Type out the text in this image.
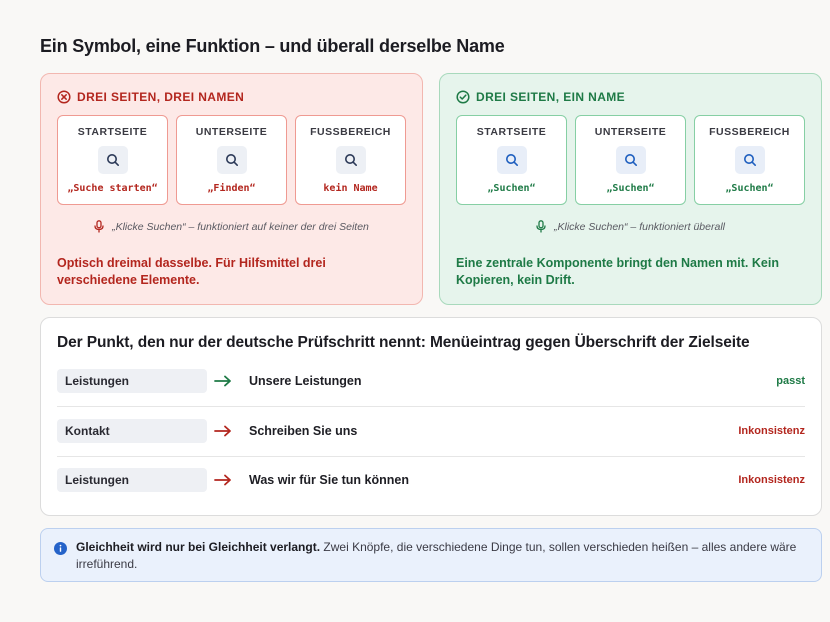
Ein Symbol, eine Funktion – und überall derselbe Name
DREI SEITEN, DREI NAMEN
STARTSEITE
„Suche starten“
UNTERSEITE
„Finden“
FUSSBEREICH
kein Name
„Klicke Suchen“ – funktioniert auf keiner der drei Seiten
Optisch dreimal dasselbe. Für Hilfsmittel drei verschiedene Elemente.
DREI SEITEN, EIN NAME
STARTSEITE
„Suchen“
UNTERSEITE
„Suchen“
FUSSBEREICH
„Suchen“
„Klicke Suchen“ – funktioniert überall
Eine zentrale Komponente bringt den Namen mit. Kein Kopieren, kein Drift.
Der Punkt, den nur der deutsche Prüfschritt nennt: Menüeintrag gegen Überschrift der Zielseite
Leistungen	Unsere Leistungen	passt
Kontakt	Schreiben Sie uns	Inkonsistenz
Leistungen	Was wir für Sie tun können	Inkonsistenz
Gleichheit wird nur bei Gleichheit verlangt. Zwei Knöpfe, die verschiedene Dinge tun, sollen verschieden heißen – alles andere wäre irreführend.
